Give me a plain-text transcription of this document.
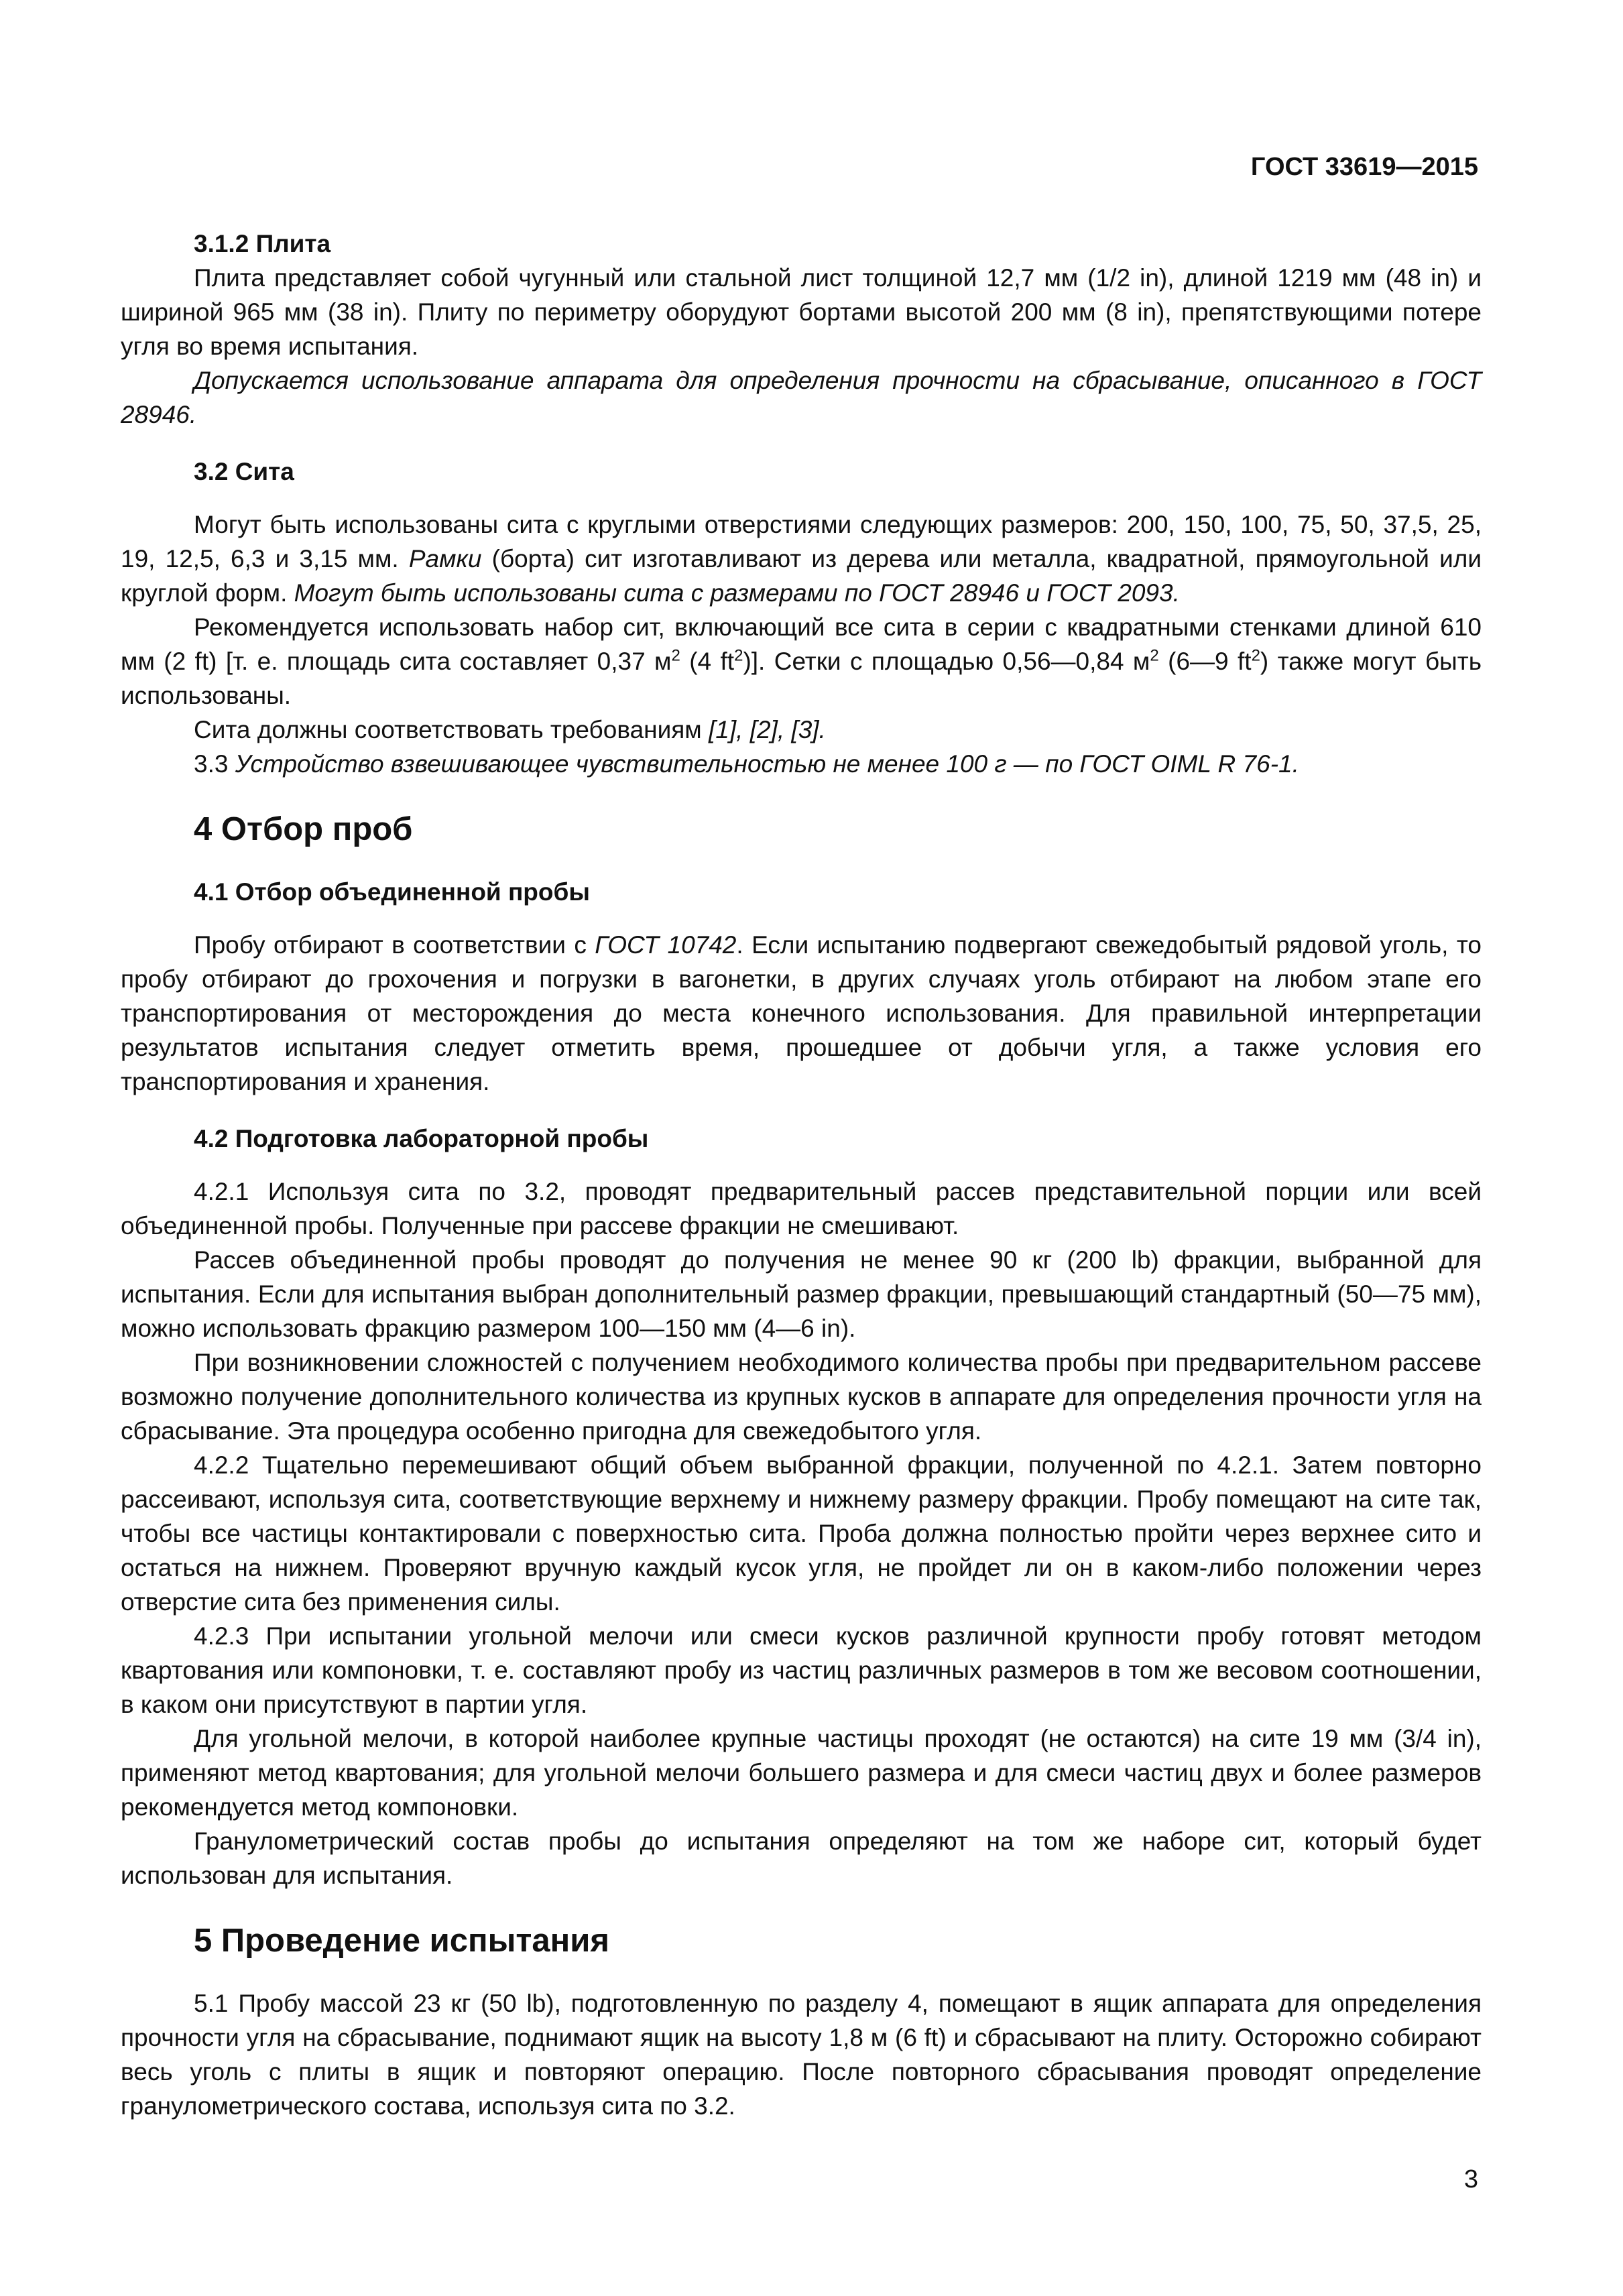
ГОСТ 33619—2015

3.1.2 Плита

Плита представляет собой чугунный или стальной лист толщиной 12,7 мм (1/2 in), длиной 1219 мм (48 in) и шириной 965 мм (38 in). Плиту по периметру оборудуют бортами высотой 200 мм (8 in), препятствующими потере угля во время испытания.

Допускается использование аппарата для определения прочности на сбрасывание, описанного в ГОСТ 28946.

3.2 Сита

Могут быть использованы сита с круглыми отверстиями следующих размеров: 200, 150, 100, 75, 50, 37,5, 25, 19, 12,5, 6,3 и 3,15 мм. Рамки (борта) сит изготавливают из дерева или металла, квадратной, прямоугольной или круглой форм. Могут быть использованы сита с размерами по ГОСТ 28946 и ГОСТ 2093.

Рекомендуется использовать набор сит, включающий все сита в серии с квадратными стенками длиной 610 мм (2 ft) [т. е. площадь сита составляет 0,37 $м^2$ (4 $ft^2$)]. Сетки с площадью 0,56—0,84 $м^2$ (6—9 $ft^2$) также могут быть использованы.

Сита должны соответствовать требованиям [1], [2], [3].

3.3 Устройство взвешивающее чувствительностью не менее 100 г — по ГОСТ OIML R 76-1.

4 Отбор проб

4.1 Отбор объединенной пробы

Пробу отбирают в соответствии с ГОСТ 10742. Если испытанию подвергают свежедобытый рядовой уголь, то пробу отбирают до грохочения и погрузки в вагонетки, в других случаях уголь отбирают на любом этапе его транспортирования от месторождения до места конечного использования. Для правильной интерпретации результатов испытания следует отметить время, прошедшее от добычи угля, а также условия его транспортирования и хранения.

4.2 Подготовка лабораторной пробы

4.2.1 Используя сита по 3.2, проводят предварительный рассев представительной порции или всей объединенной пробы. Полученные при рассеве фракции не смешивают.

Рассев объединенной пробы проводят до получения не менее 90 кг (200 lb) фракции, выбранной для испытания. Если для испытания выбран дополнительный размер фракции, превышающий стандартный (50—75 мм), можно использовать фракцию размером 100—150 мм (4—6 in).

При возникновении сложностей с получением необходимого количества пробы при предварительном рассеве возможно получение дополнительного количества из крупных кусков в аппарате для определения прочности угля на сбрасывание. Эта процедура особенно пригодна для свежедобытого угля.

4.2.2 Тщательно перемешивают общий объем выбранной фракции, полученной по 4.2.1. Затем повторно рассеивают, используя сита, соответствующие верхнему и нижнему размеру фракции. Пробу помещают на сите так, чтобы все частицы контактировали с поверхностью сита. Проба должна полностью пройти через верхнее сито и остаться на нижнем. Проверяют вручную каждый кусок угля, не пройдет ли он в каком-либо положении через отверстие сита без применения силы.

4.2.3 При испытании угольной мелочи или смеси кусков различной крупности пробу готовят методом квартования или компоновки, т. е. составляют пробу из частиц различных размеров в том же весовом соотношении, в каком они присутствуют в партии угля.

Для угольной мелочи, в которой наиболее крупные частицы проходят (не остаются) на сите 19 мм (3/4 in), применяют метод квартования; для угольной мелочи большего размера и для смеси частиц двух и более размеров рекомендуется метод компоновки.

Гранулометрический состав пробы до испытания определяют на том же наборе сит, который будет использован для испытания.

5 Проведение испытания

5.1 Пробу массой 23 кг (50 lb), подготовленную по разделу 4, помещают в ящик аппарата для определения прочности угля на сбрасывание, поднимают ящик на высоту 1,8 м (6 ft) и сбрасывают на плиту. Осторожно собирают весь уголь с плиты в ящик и повторяют операцию. После повторного сбрасывания проводят определение гранулометрического состава, используя сита по 3.2.

3
